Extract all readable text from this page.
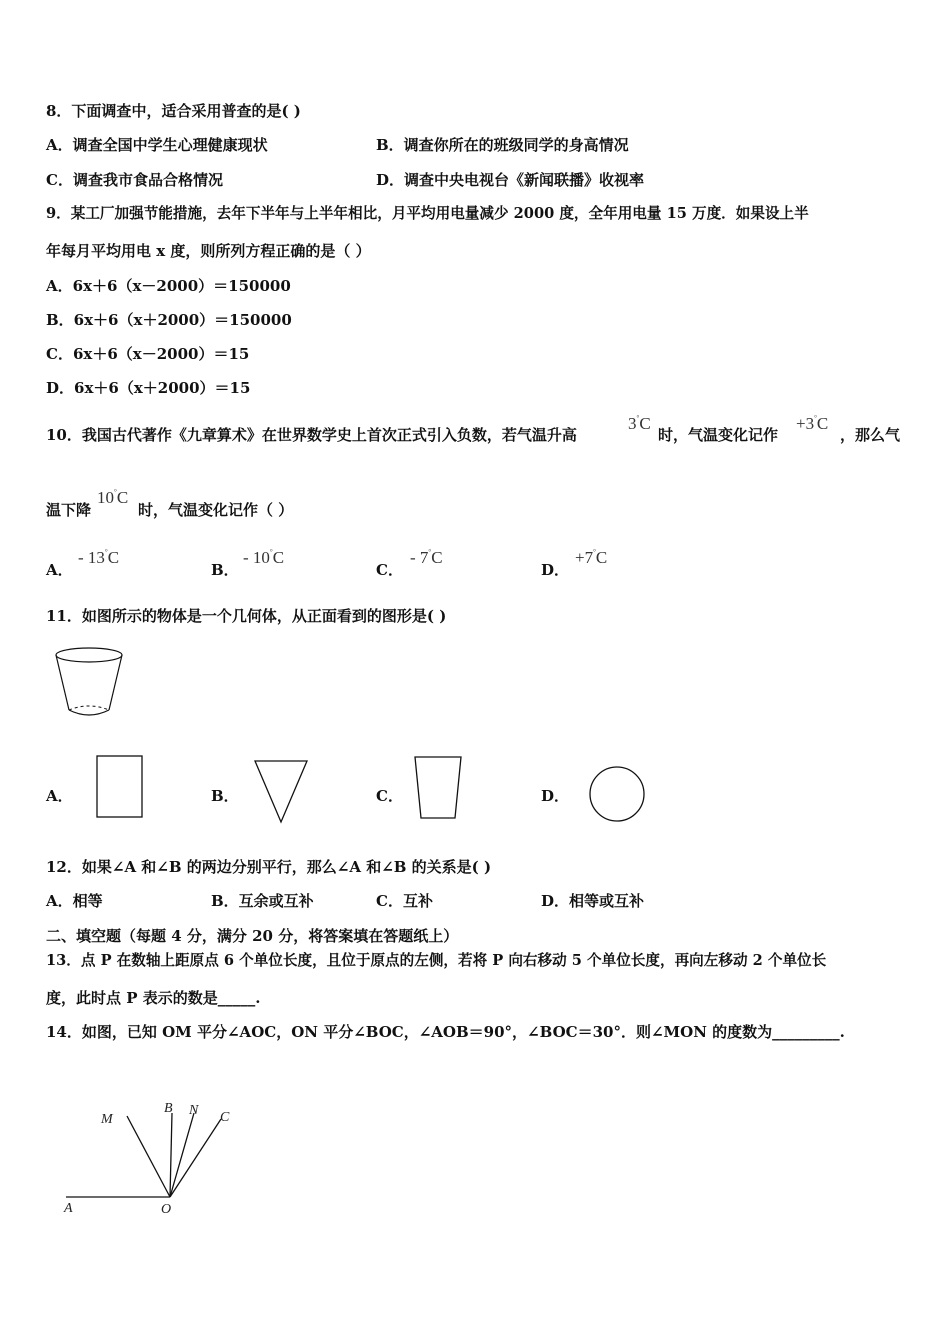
8．下面调查中，适合采用普查的是( )
A．调查全国中学生心理健康现状	B．调查你所在的班级同学的身高情况
C．调查我市食品合格情况	D．调查中央电视台《新闻联播》收视率
9．某工厂加强节能措施，去年下半年与上半年相比，月平均用电量减少 2000 度，全年用电量 15 万度．如果设上半
年每月平均用电 x 度，则所列方程正确的是（ ）
A．6x＋6（x－2000）＝150000
B．6x＋6（x＋2000）＝150000
C．6x＋6（x－2000）＝15
D．6x＋6（x＋2000）＝15
10．我国古代著作《九章算术》在世界数学史上首次正式引入负数，若气温升高
3°C
时，气温变化记作
+3°C
，那么气
温下降
10°C
时，气温变化记作（ ）
A．
- 13°C
B．
- 10°C
C．
- 7°C
D．
+7°C
11．如图所示的物体是一个几何体，从正面看到的图形是( )
A．	B．	C．	D．
12．如果∠A 和∠B 的两边分别平行，那么∠A 和∠B 的关系是( )
A．相等	B．互余或互补	C．互补	D．相等或互补
二、填空题（每题 4 分，满分 20 分，将答案填在答题纸上）
13．点 P 在数轴上距原点 6 个单位长度，且位于原点的左侧，若将 P 向右移动 5 个单位长度，再向左移动 2 个单位长
度，此时点 P 表示的数是_____.
14．如图，已知 OM 平分∠AOC，ON 平分∠BOC，∠AOB＝90°，∠BOC＝30°．则∠MON 的度数为_________.
M
B N C
A	O
